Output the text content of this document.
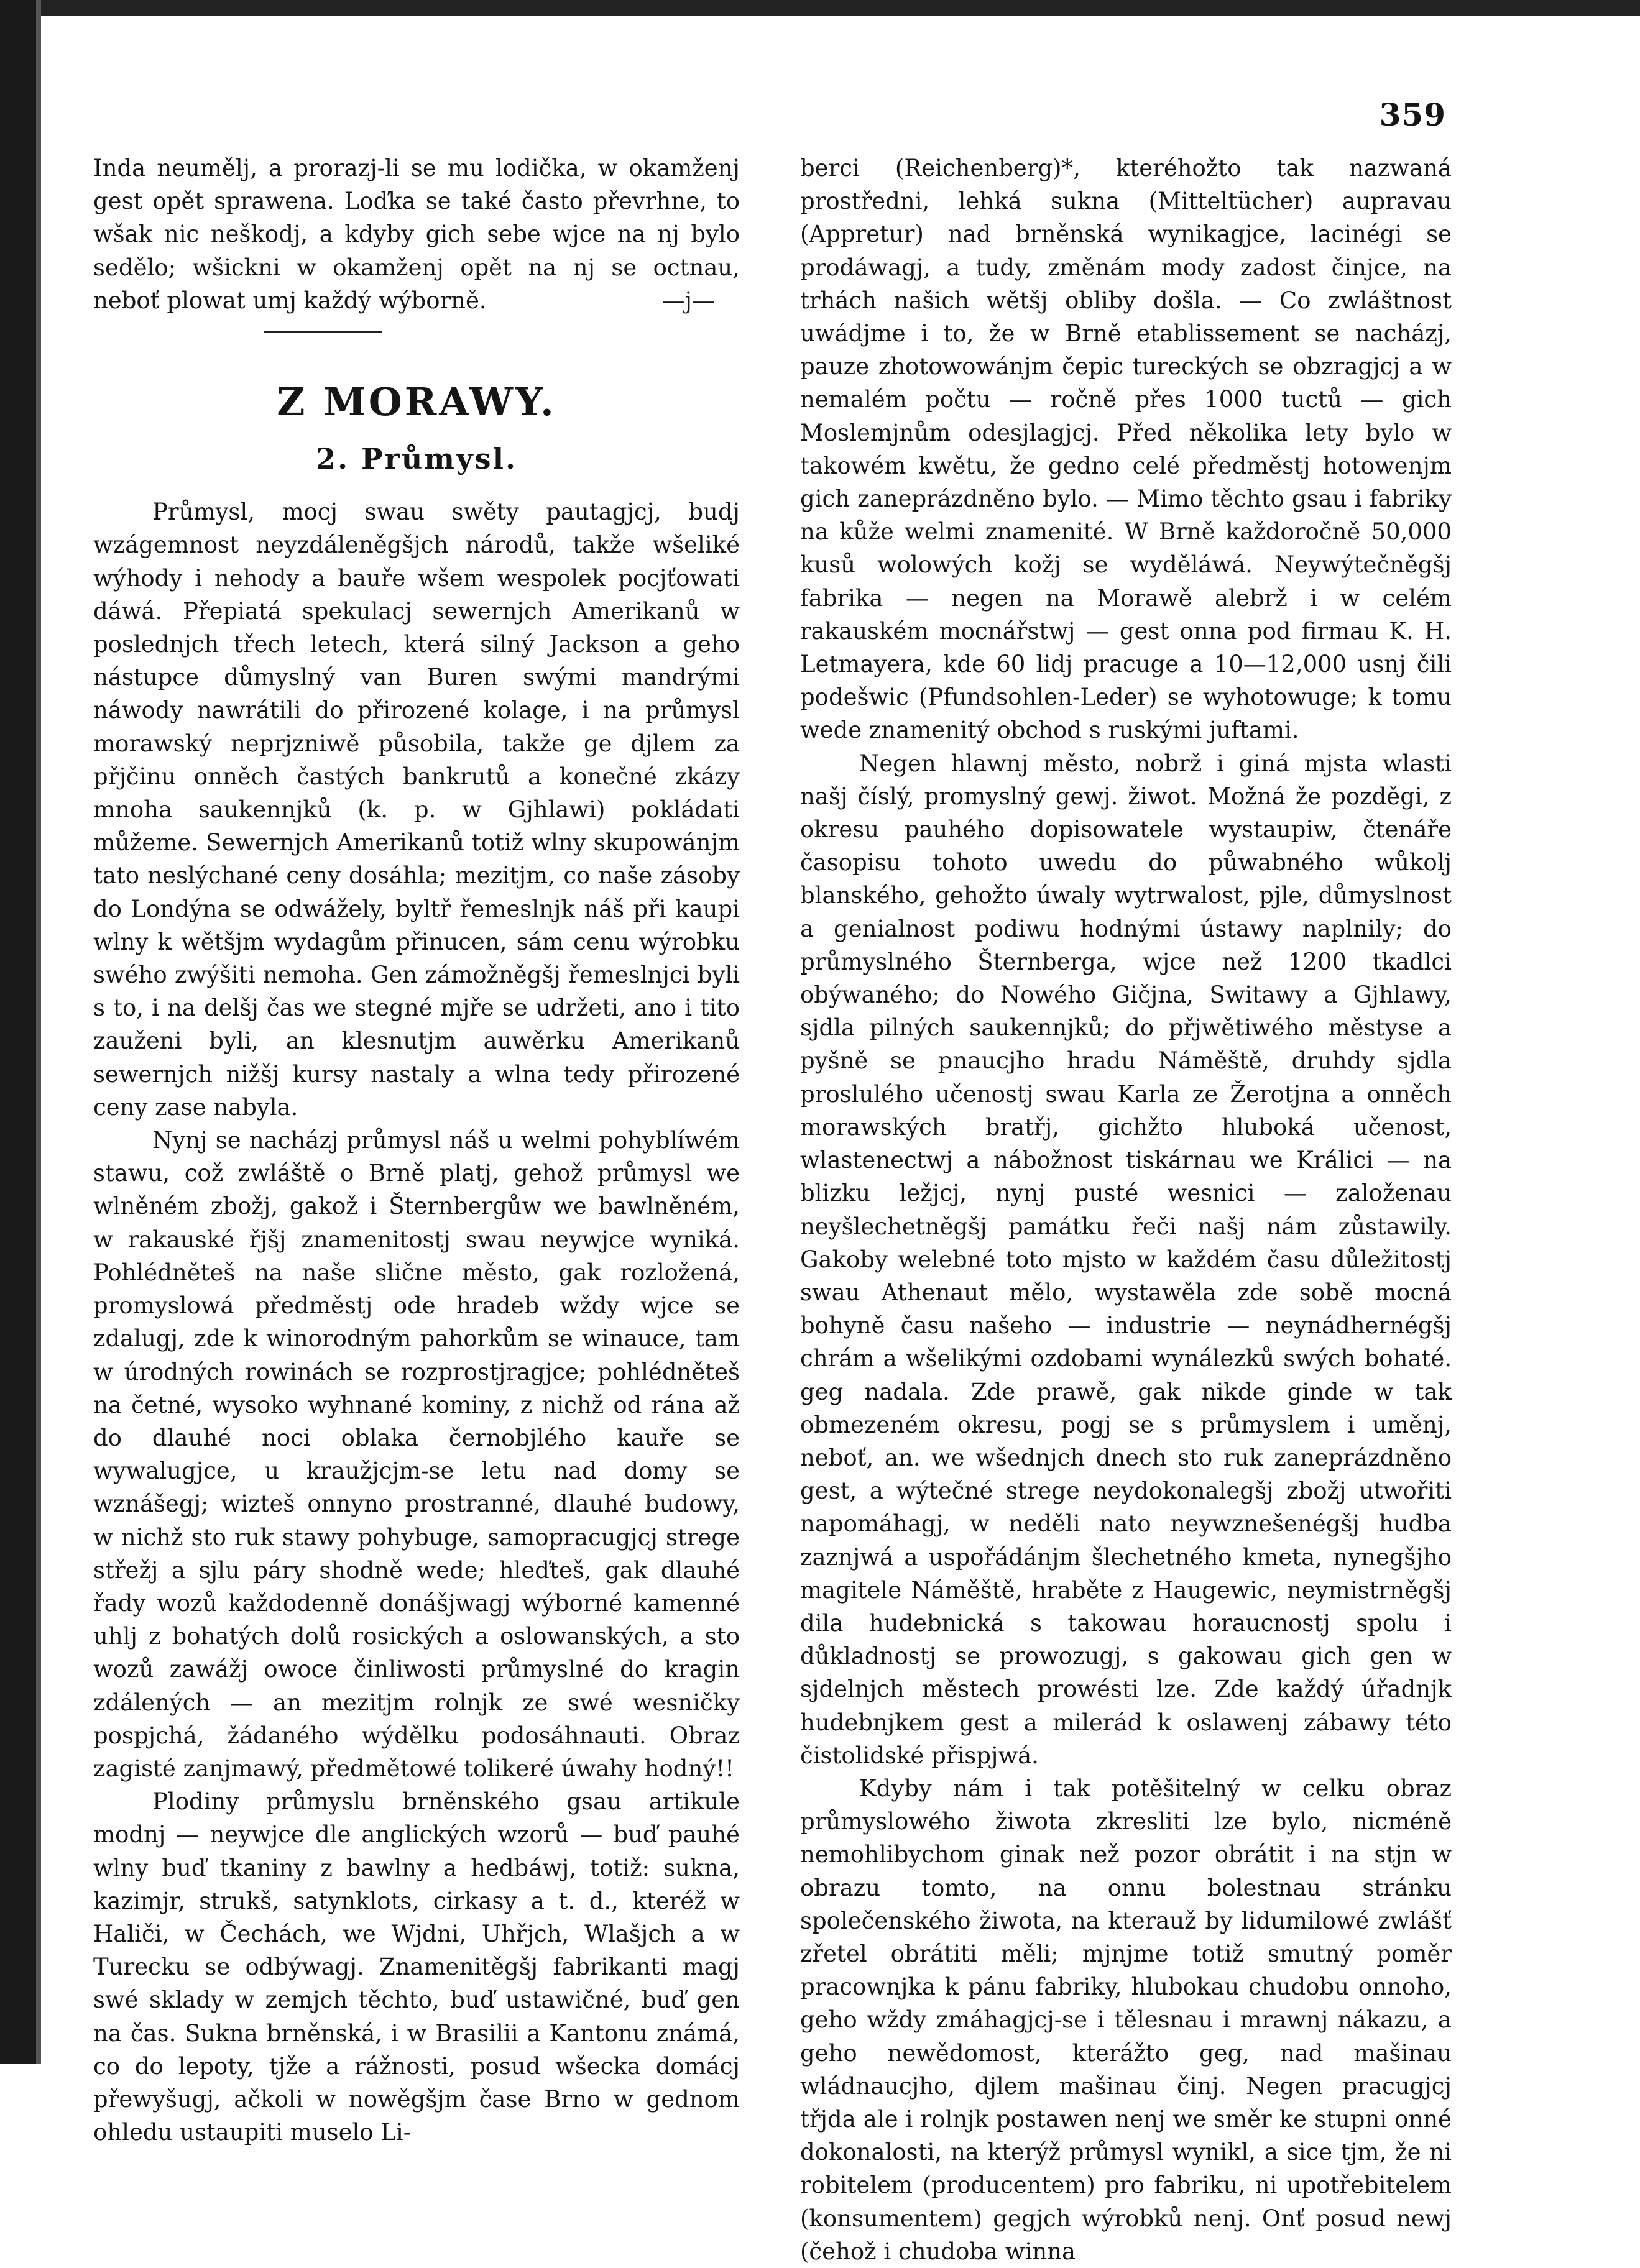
359

Inda neumělj, a prorazj-li se mu lodička, w okamženj gest opět sprawena. Loďka se také často převrhne, to wšak nic neškodj, a kdyby gich sebe wjce na nj bylo sedělo; wšickni w okamženj opět na nj se octnau, neboť plowat umj každý wýborně.	—j—
Z MORAWY.
2. Průmysl.

Průmysl, mocj swau swěty pautagjcj, budj wzágemnost neyzdáleněgšjch národů, takže wšeliké wýhody i nehody a bauře wšem wespolek pocjťowati dáwá. Přepiatá spekulacj sewernjch Amerikanů w poslednjch třech letech, která silný Jackson a geho nástupce důmyslný van Buren swými mandrými náwody nawrátili do přirozené kolage, i na průmysl morawský neprjzniwě působila, takže ge djlem za přjčinu onněch častých bankrutů a konečné zkázy mnoha saukennjků (k. p. w Gjhlawi) pokládati můžeme. Sewernjch Amerikanů totiž wlny skupowánjm tato neslýchané ceny dosáhla; mezitjm, co naše zásoby do Londýna se odwážely, byltř řemeslnjk náš při kaupi wlny k wětšjm wydagům přinucen, sám cenu wýrobku swého zwýšiti nemoha. Gen zámožněgšj řemeslnjci byli s to, i na delšj čas we stegné mjře se udržeti, ano i tito zauženi byli, an klesnutjm auwěrku Amerikanů sewernjch nižšj kursy nastaly a wlna tedy přirozené ceny zase nabyla.

Nynj se nacházj průmysl náš u welmi pohyblíwém stawu, což zwláště o Brně platj, gehož průmysl we wlněném zbožj, gakož i Šternbergůw we bawlněném, w rakauské řjšj znamenitostj swau neywjce wyniká. Pohlédněteš na naše slične město, gak rozložená, promyslowá předměstj ode hradeb wždy wjce se zdalugj, zde k winorodným pahorkům se winauce, tam w úrodných rowinách se rozprostjragjce; pohlédněteš na četné, wysoko wyhnané kominy, z nichž od rána až do dlauhé noci oblaka černobjlého kauře se wywalugjce, u kraužjcjm-se letu nad domy se wznášegj; wizteš onnyno prostranné, dlauhé budowy, w nichž sto ruk stawy pohybuge, samopracugjcj strege střežj a sjlu páry shodně wede; hleďteš, gak dlauhé řady wozů každodenně donášjwagj wýborné kamenné uhlj z bohatých dolů rosických a oslowanských, a sto wozů zawážj owoce činliwosti průmyslné do kragin zdálených — an mezitjm rolnjk ze swé wesničky pospjchá, žádaného wýdělku podosáhnauti. Obraz zagisté zanjmawý, předmětowé tolikeré úwahy hodný!!

Plodiny průmyslu brněnského gsau artikule modnj — neywjce dle anglických wzorů — buď pauhé wlny buď tkaniny z bawlny a hedbáwj, totiž: sukna, kazimjr, strukš, satynklots, cirkasy a t. d., kteréž w Haliči, w Čechách, we Wjdni, Uhřjch, Wlašjch a w Turecku se odbýwagj. Znamenitěgšj fabrikanti magj swé sklady w zemjch těchto, buď ustawičné, buď gen na čas. Sukna brněnská, i w Brasilii a Kantonu známá, co do lepoty, tjže a rážnosti, posud wšecka domácj přewyšugj, ačkoli w nowěgšjm čase Brno w gednom ohledu ustaupiti muselo Li-

berci (Reichenberg)*, kteréhožto tak nazwaná prostředni, lehká sukna (Mitteltücher) aupravau (Appretur) nad brněnská wynikagjce, lacinégi se prodáwagj, a tudy, změnám mody zadost činjce, na trhách našich wětšj obliby došla. — Co zwláštnost uwádjme i to, že w Brně etablissement se nacházj, pauze zhotowowánjm čepic tureckých se obzragjcj a w nemalém počtu — ročně přes 1000 tuctů — gich Moslemjnům odesjlagjcj. Před několika lety bylo w takowém kwětu, že gedno celé předměstj hotowenjm gich zaneprázdněno bylo. — Mimo těchto gsau i fabriky na kůže welmi znamenité. W Brně každoročně 50,000 kusů wolowých kožj se wyděláwá. Neywýtečněgšj fabrika — negen na Morawě alebrž i w celém rakauském mocnářstwj — gest onna pod firmau K. H. Letmayera, kde 60 lidj pracuge a 10—12,000 usnj čili podešwic (Pfundsohlen-Leder) se wyhotowuge; k tomu wede znamenitý obchod s ruskými juftami.

Negen hlawnj město, nobrž i giná mjsta wlasti našj číslý, promyslný gewj. žiwot. Možná že pozděgi, z okresu pauhého dopisowatele wystaupiw, čtenáře časopisu tohoto uwedu do půwabného wůkolj blanského, gehožto úwaly wytrwalost, pjle, důmyslnost a genialnost podiwu hodnými ústawy naplnily; do průmyslného Šternberga, wjce než 1200 tkadlci obýwaného; do Nowého Gičjna, Switawy a Gjhlawy, sjdla pilných saukennjků; do přjwětiwého městyse a pyšně se pnaucjho hradu Náměště, druhdy sjdla proslulého učenostj swau Karla ze Žerotjna a onněch morawských bratřj, gichžto hluboká učenost, wlastenectwj a nábožnost tiskárnau we Králici — na blizku ležjcj, nynj pusté wesnici — založenau neyšlechetněgšj památku řeči našj nám zůstawily. Gakoby welebné toto mjsto w každém času důležitostj swau Athenaut mělo, wystawěla zde sobě mocná bohyně času našeho — industrie — neynádhernégšj chrám a wšelikými ozdobami wynálezků swých bohaté. geg nadala. Zde prawě, gak nikde ginde w tak obmezeném okresu, pogj se s průmyslem i uměnj, neboť, an. we wšednjch dnech sto ruk zaneprázdněno gest, a wýtečné strege neydokonalegšj zbožj utwořiti napomáhagj, w neděli nato neywznešenégšj hudba zaznjwá a uspořádánjm šlechetného kmeta, nynegšjho magitele Náměště, hraběte z Haugewic, neymistrněgšj dila hudebnická s takowau horaucnostj spolu i důkladnostj se prowozugj, s gakowau gich gen w sjdelnjch městech prowésti lze. Zde každý úřadnjk hudebnjkem gest a milerád k oslawenj zábawy této čistolidské přispjwá.

Kdyby nám i tak potěšitelný w celku obraz průmyslowého žiwota zkresliti lze bylo, nicméně nemohlibychom ginak než pozor obrátit i na stjn w obrazu tomto, na onnu bolestnau stránku společenského žiwota, na kterauž by lidumilowé zwlášť zřetel obrátiti měli; mjnjme totiž smutný poměr pracownjka k pánu fabriky, hlubokau chudobu onnoho, geho wždy zmáhagjcj-se i tělesnau i mrawnj nákazu, a geho newědomost, kterážto geg, nad mašinau wládnaucjho, djlem mašinau činj. Negen pracugjcj třjda ale i rolnjk postawen nenj we směr ke stupni onné dokonalosti, na kterýž průmysl wynikl, a sice tjm, že ni robitelem (producentem) pro fabriku, ni upotřebitelem (konsumentem) gegjch wýrobků nenj. Onť posud newj (čehož i chudoba winna
